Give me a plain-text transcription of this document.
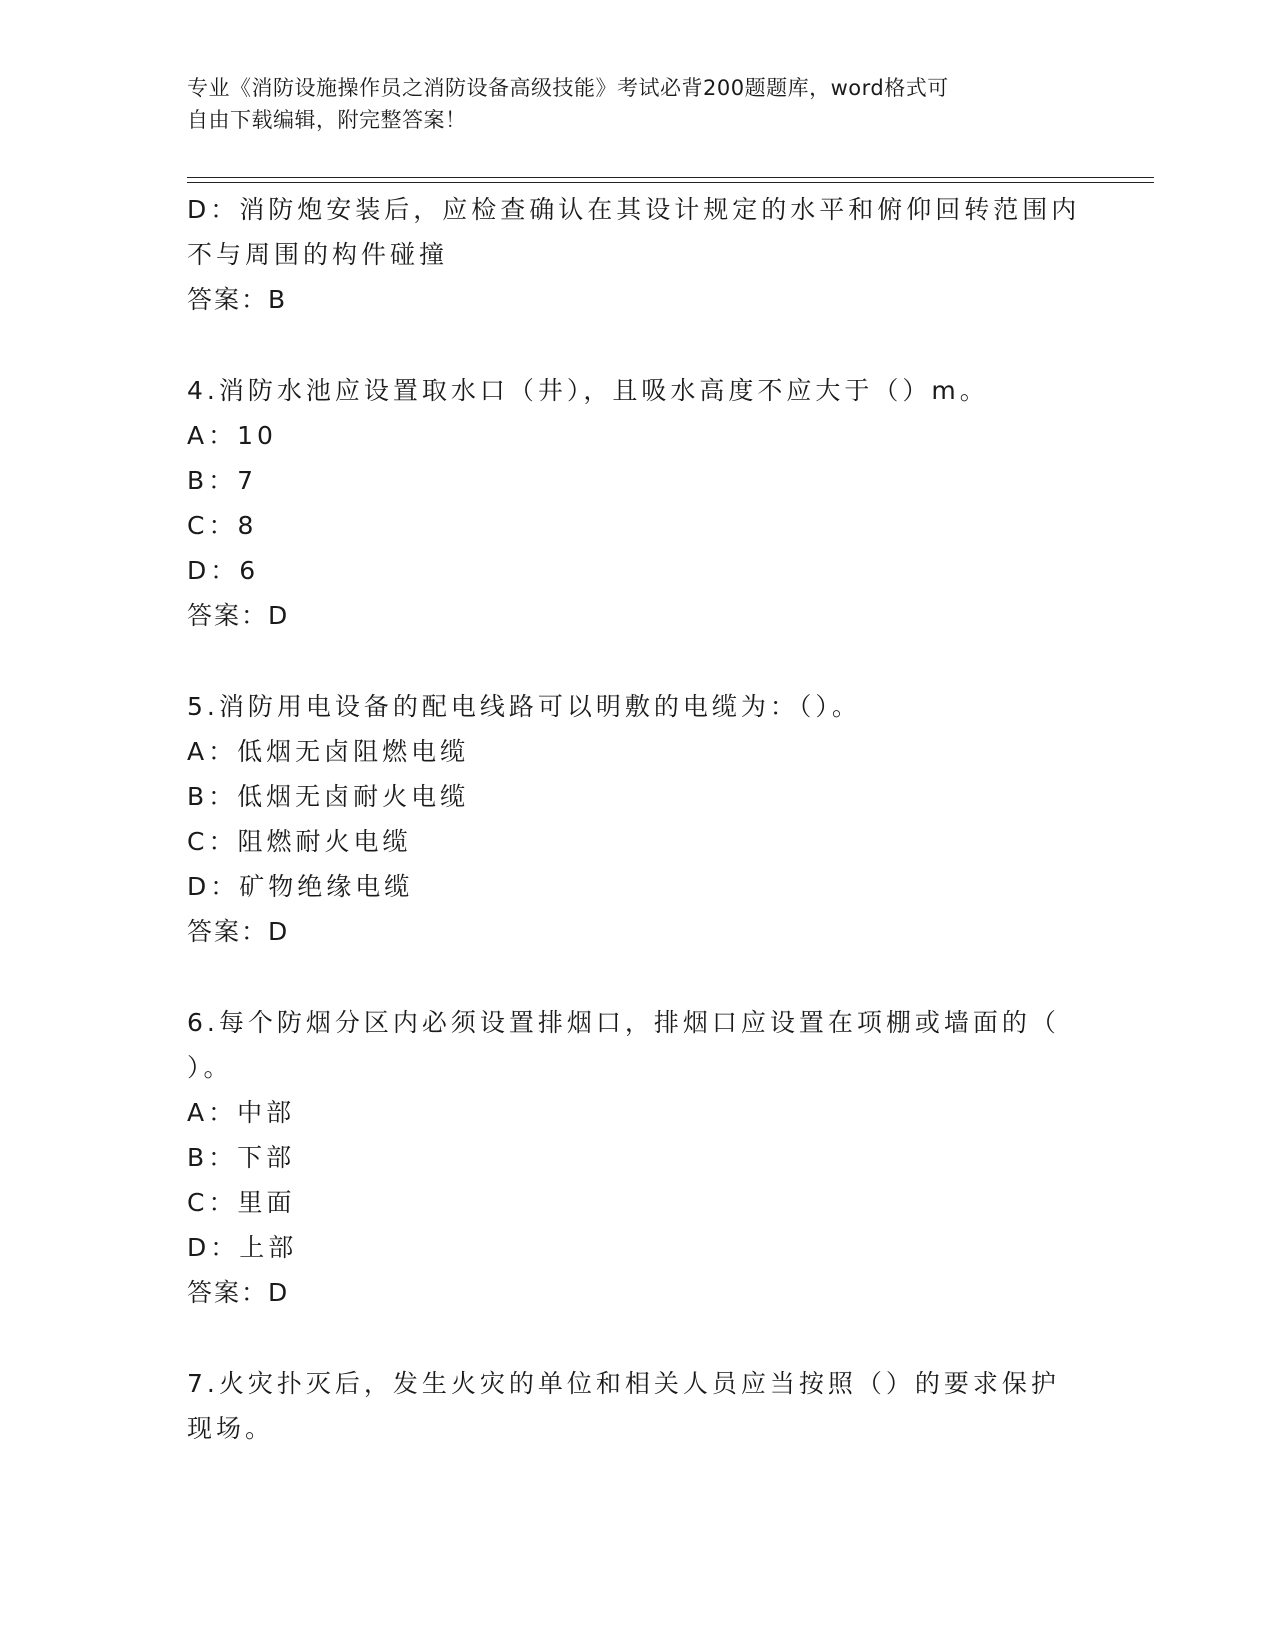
专业《消防设施操作员之消防设备高级技能》考试必背200题题库，word格式可
自由下载编辑，附完整答案！
D：消防炮安装后，应检查确认在其设计规定的水平和俯仰回转范围内
不与周围的构件碰撞
答案：B
4.消防水池应设置取水口（井），且吸水高度不应大于（）m。
A：10
B：7
C：8
D：6
答案：D
5.消防用电设备的配电线路可以明敷的电缆为：（）。
A：低烟无卤阻燃电缆
B：低烟无卤耐火电缆
C：阻燃耐火电缆
D：矿物绝缘电缆
答案：D
6.每个防烟分区内必须设置排烟口，排烟口应设置在项棚或墙面的（
）。
A：中部
B：下部
C：里面
D：上部
答案：D
7.火灾扑灭后，发生火灾的单位和相关人员应当按照（）的要求保护
现场。
